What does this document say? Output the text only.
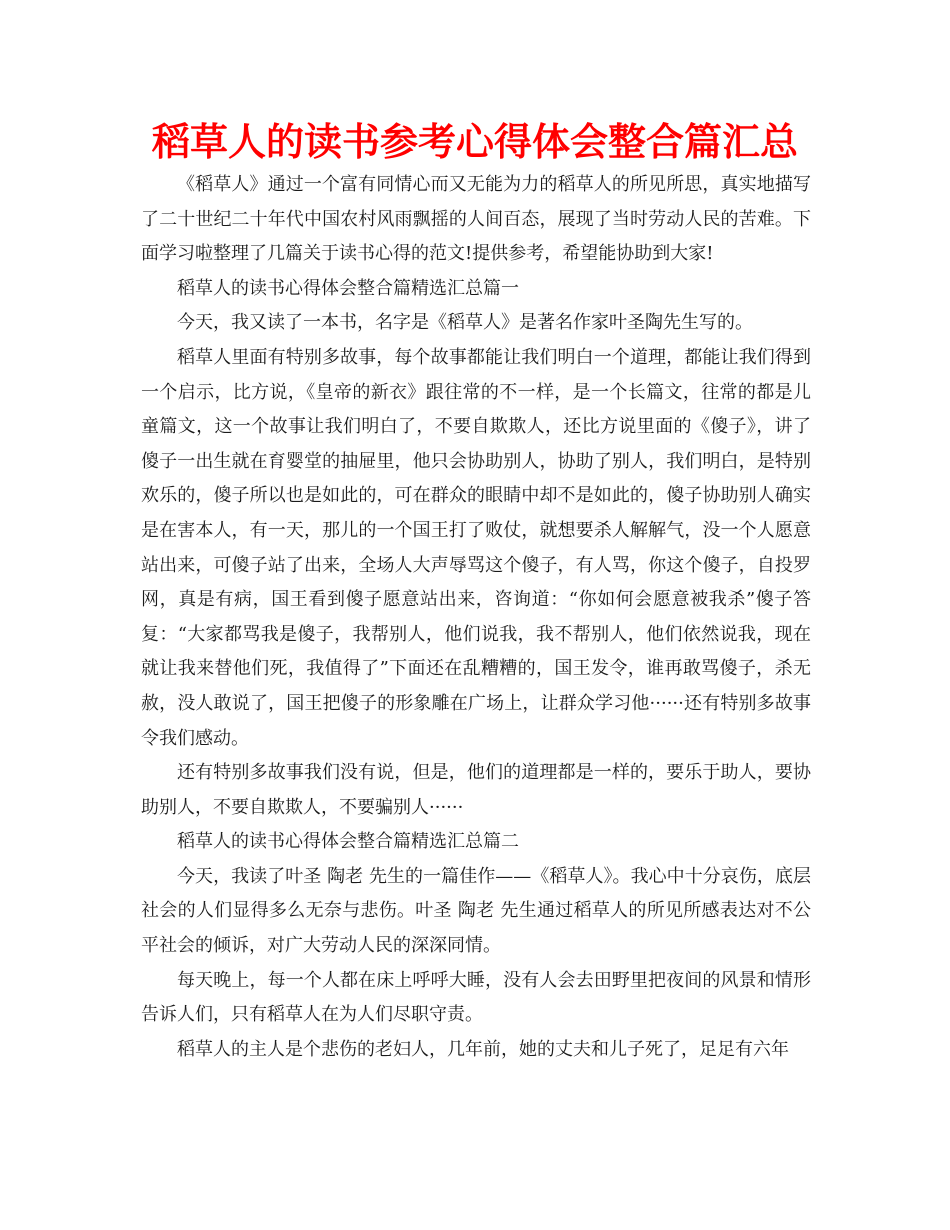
稻草人的读书参考心得体会整合篇汇总

《稻草人》通过一个富有同情心而又无能为力的稻草人的所见所思，真实地描写了二十世纪二十年代中国农村风雨飘摇的人间百态，展现了当时劳动人民的苦难。下面学习啦整理了几篇关于读书心得的范文!提供参考，希望能协助到大家!

稻草人的读书心得体会整合篇精选汇总篇一

今天，我又读了一本书，名字是《稻草人》是著名作家叶圣陶先生写的。

稻草人里面有特别多故事，每个故事都能让我们明白一个道理，都能让我们得到一个启示，比方说，《皇帝的新衣》跟往常的不一样，是一个长篇文，往常的都是儿童篇文，这一个故事让我们明白了，不要自欺欺人，还比方说里面的《傻子》，讲了傻子一出生就在育婴堂的抽屉里，他只会协助别人，协助了别人，我们明白，是特别欢乐的，傻子所以也是如此的，可在群众的眼睛中却不是如此的，傻子协助别人确实是在害本人，有一天，那儿的一个国王打了败仗，就想要杀人解解气，没一个人愿意站出来，可傻子站了出来，全场人大声辱骂这个傻子，有人骂，你这个傻子，自投罗网，真是有病，国王看到傻子愿意站出来，咨询道：“你如何会愿意被我杀”傻子答复：“大家都骂我是傻子，我帮别人，他们说我，我不帮别人，他们依然说我，现在就让我来替他们死，我值得了”下面还在乱糟糟的，国王发令，谁再敢骂傻子，杀无赦，没人敢说了，国王把傻子的形象雕在广场上，让群众学习他······还有特别多故事令我们感动。

还有特别多故事我们没有说，但是，他们的道理都是一样的，要乐于助人，要协助别人，不要自欺欺人，不要骗别人······

稻草人的读书心得体会整合篇精选汇总篇二

今天，我读了叶圣 陶老 先生的一篇佳作——《稻草人》。我心中十分哀伤，底层社会的人们显得多么无奈与悲伤。叶圣 陶老 先生通过稻草人的所见所感表达对不公平社会的倾诉，对广大劳动人民的深深同情。

每天晚上，每一个人都在床上呼呼大睡，没有人会去田野里把夜间的风景和情形告诉人们，只有稻草人在为人们尽职守责。

稻草人的主人是个悲伤的老妇人，几年前，她的丈夫和儿子死了，足足有六年
